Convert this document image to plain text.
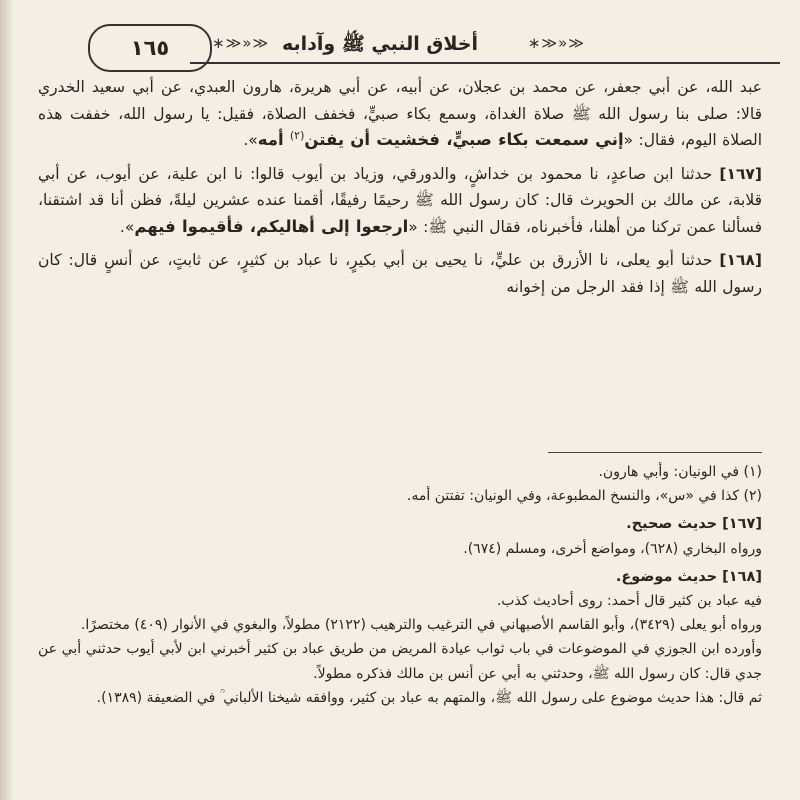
١٦٥	≪«≪∗ أخلاق النبي ﷺ وآدابه	≪«≪∗

عبد الله، عن أبي جعفر، عن محمد بن عجلان، عن أبيه، عن أبي هريرة، هارون العبدي، عن أبي سعيد الخدري قالا: صلى بنا رسول الله ﷺ صلاة الغداة، وسمع بكاء صبيٍّ، فخفف الصلاة، فقيل: يا رسول الله، خففت هذه الصلاة اليوم، فقال: «إني سمعت بكاء صبيٍّ، فخشيت أن يفتن$^{(٢)}$ أمه».

[١٦٧] حدثنا ابن صاعدٍ، نا محمود بن خداشٍ، والدورقي، وزياد بن أيوب قالوا: نا ابن علية، عن أيوب، عن أبي قلابة، عن مالك بن الحويرث قال: كان رسول الله ﷺ رحيمًا رفيقًا، أقمنا عنده عشرين ليلةً، فظن أنا قد اشتقنا، فسألنا عمن تركنا من أهلنا، فأخبرناه، فقال النبي ﷺ: «ارجعوا إلى أهاليكم، فأقيموا فيهم».

[١٦٨] حدثنا أبو يعلى، نا الأزرق بن عليٍّ، نا يحيى بن أبي بكيرٍ، نا عباد بن كثيرٍ، عن ثابتٍ، عن أنسٍ قال: كان رسول الله ﷺ إذا فقد الرجل من إخوانه

(١) في الونيان: وأبي هارون.

(٢) كذا في «س»، والنسخ المطبوعة، وفي الونيان: تفتتن أمه.

[١٦٧] حديث صحيح.

ورواه البخاري (٦٢٨)، ومواضع أخرى، ومسلم (٦٧٤).

[١٦٨] حديث موضوع.

فيه عباد بن كثير قال أحمد: روى أحاديث كذب.

ورواه أبو يعلى (٣٤٢٩)، وأبو القاسم الأصبهاني في الترغيب والترهيب (٢١٢٢) مطولاً، والبغوي في الأنوار (٤٠٩) مختصرًا.

وأورده ابن الجوزي في الموضوعات في باب ثواب عيادة المريض من طريق عباد بن كثير أخبرني ابن لأبي أيوب حدثني أبي عن جدي قال: كان رسول الله ﷺ، وحدثني به أبي عن أنس بن مالك فذكره مطولاً.

ثم قال: هذا حديث موضوع على رسول الله ﷺ، والمتهم به عباد بن كثير، ووافقه شيخنا الألباني ؒ في الضعيفة (١٣٨٩).
